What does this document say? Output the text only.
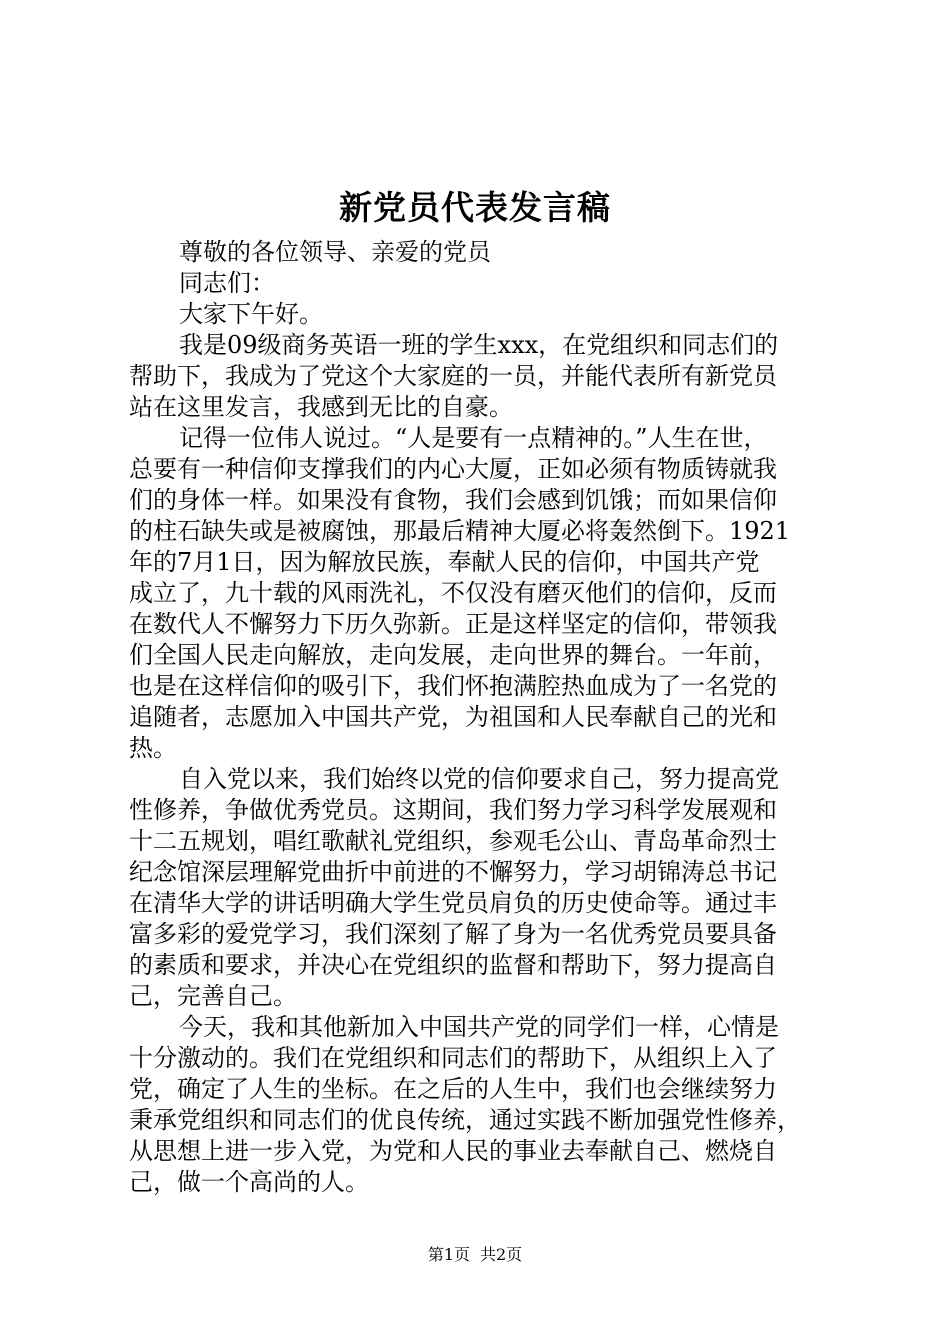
新党员代表发言稿
尊敬的各位领导、亲爱的党员
同志们：
大家下午好。
我是09级商务英语一班的学生xxx，在党组织和同志们的
帮助下，我成为了党这个大家庭的一员，并能代表所有新党员
站在这里发言，我感到无比的自豪。
记得一位伟人说过。“人是要有一点精神的。”人生在世，
总要有一种信仰支撑我们的内心大厦，正如必须有物质铸就我
们的身体一样。如果没有食物，我们会感到饥饿；而如果信仰
的柱石缺失或是被腐蚀，那最后精神大厦必将轰然倒下。1921
年的7月1日，因为解放民族，奉献人民的信仰，中国共产党
成立了，九十载的风雨洗礼，不仅没有磨灭他们的信仰，反而
在数代人不懈努力下历久弥新。正是这样坚定的信仰，带领我
们全国人民走向解放，走向发展，走向世界的舞台。一年前，
也是在这样信仰的吸引下，我们怀抱满腔热血成为了一名党的
追随者，志愿加入中国共产党，为祖国和人民奉献自己的光和
热。
自入党以来，我们始终以党的信仰要求自己，努力提高党
性修养，争做优秀党员。这期间，我们努力学习科学发展观和
十二五规划，唱红歌献礼党组织，参观毛公山、青岛革命烈士
纪念馆深层理解党曲折中前进的不懈努力，学习胡锦涛总书记
在清华大学的讲话明确大学生党员肩负的历史使命等。通过丰
富多彩的爱党学习，我们深刻了解了身为一名优秀党员要具备
的素质和要求，并决心在党组织的监督和帮助下，努力提高自
己，完善自己。
今天，我和其他新加入中国共产党的同学们一样，心情是
十分激动的。我们在党组织和同志们的帮助下，从组织上入了
党，确定了人生的坐标。在之后的人生中，我们也会继续努力
秉承党组织和同志们的优良传统，通过实践不断加强党性修养，
从思想上进一步入党，为党和人民的事业去奉献自己、燃烧自
己，做一个高尚的人。
第1页 共2页
